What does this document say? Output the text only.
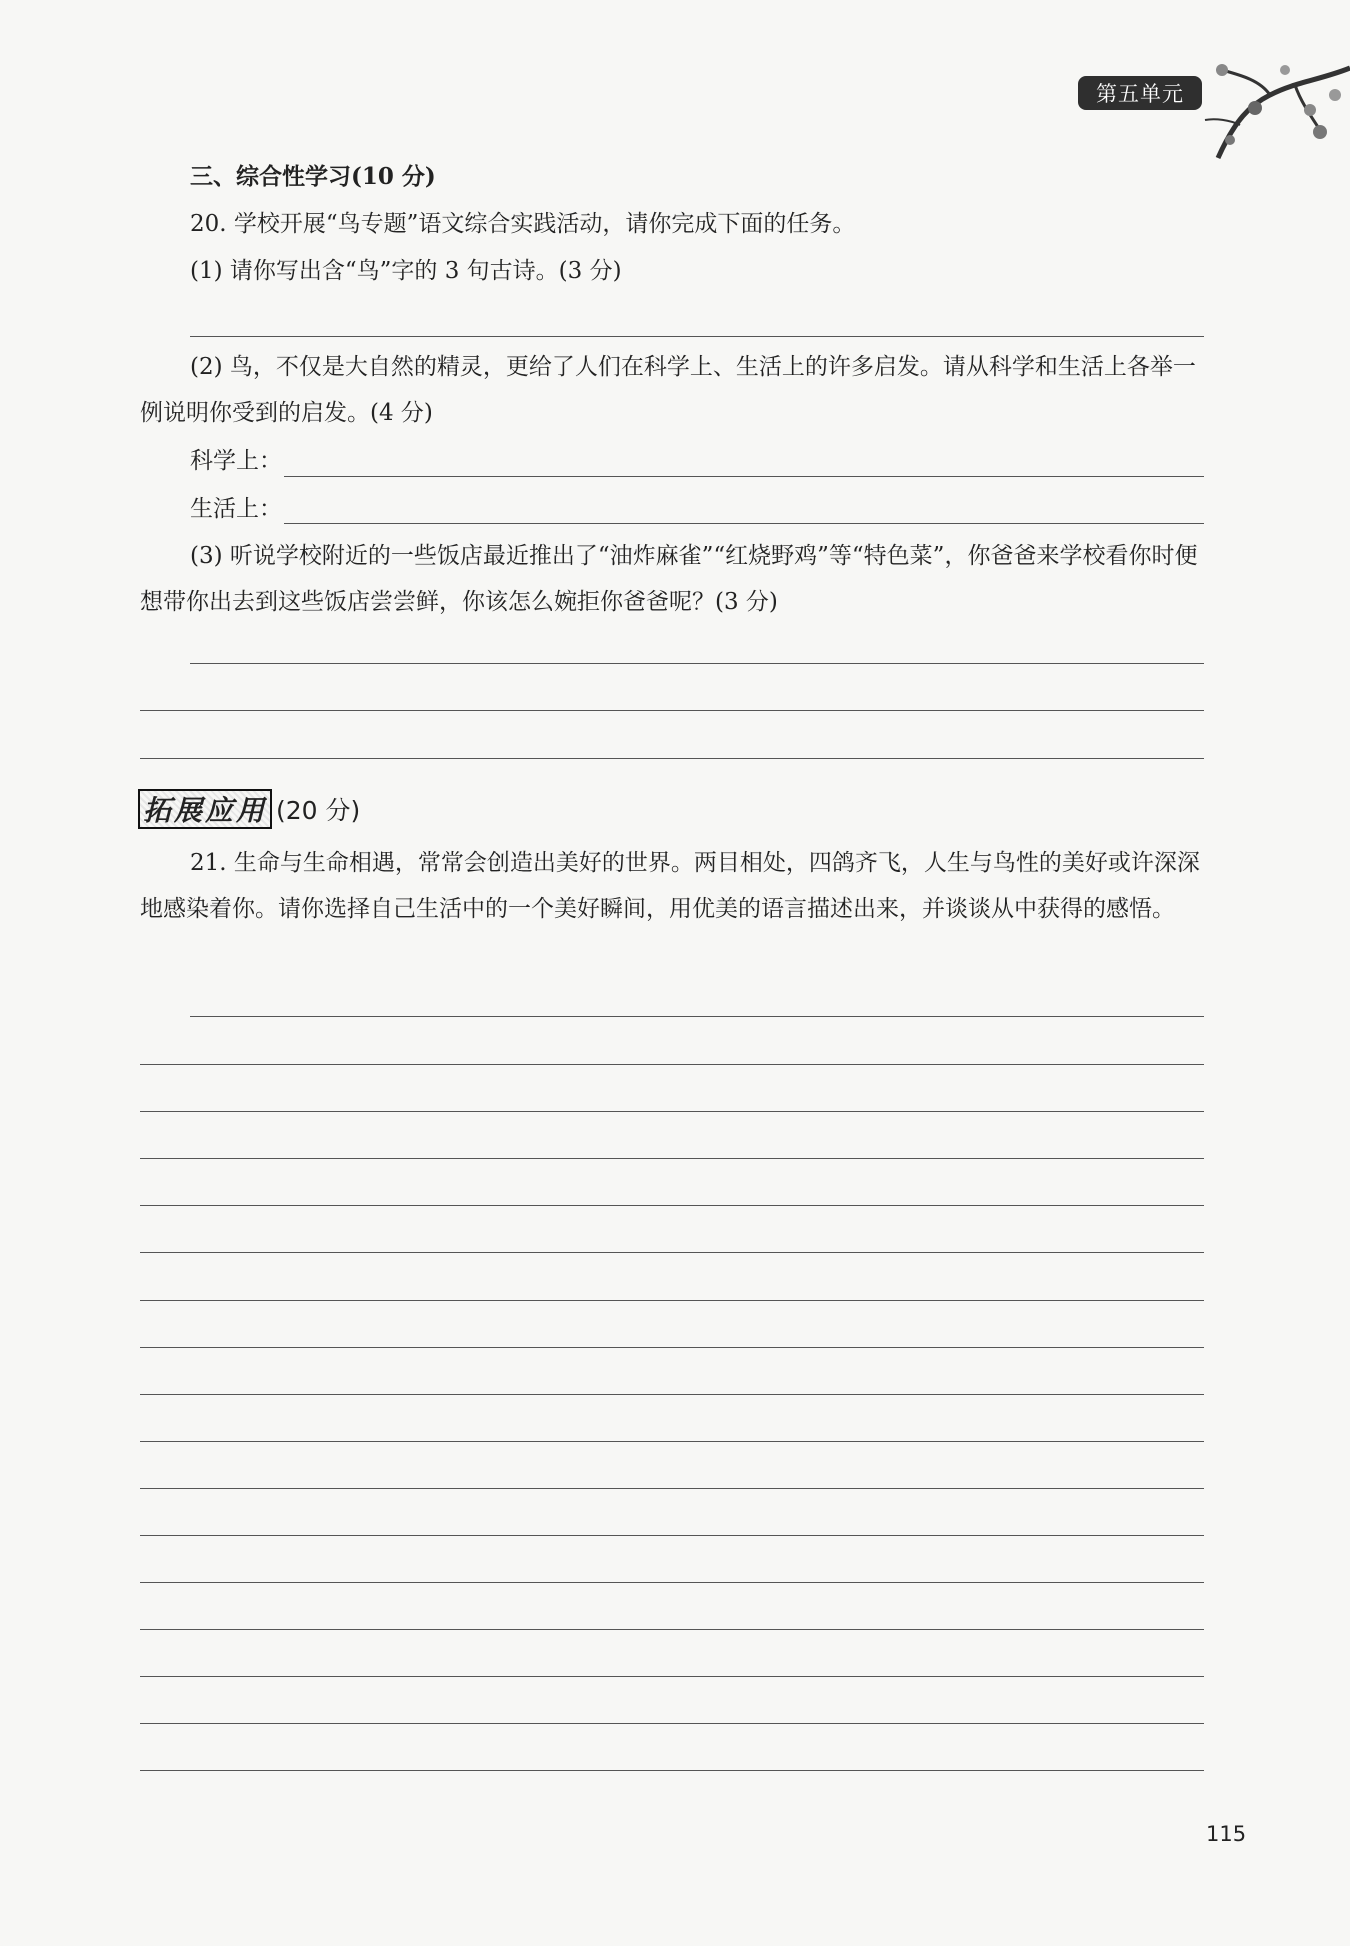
第五单元
三、综合性学习(10 分)
20. 学校开展“鸟专题”语文综合实践活动，请你完成下面的任务。
(1) 请你写出含“鸟”字的 3 句古诗。(3 分)
(2) 鸟，不仅是大自然的精灵，更给了人们在科学上、生活上的许多启发。请从科学和生活上各举一例说明你受到的启发。(4 分)
科学上：
生活上：
(3) 听说学校附近的一些饭店最近推出了“油炸麻雀”“红烧野鸡”等“特色菜”，你爸爸来学校看你时便想带你出去到这些饭店尝尝鲜，你该怎么婉拒你爸爸呢？(3 分)
拓展应用 (20 分)
21. 生命与生命相遇，常常会创造出美好的世界。两目相处，四鸽齐飞，人生与鸟性的美好或许深深地感染着你。请你选择自己生活中的一个美好瞬间，用优美的语言描述出来，并谈谈从中获得的感悟。
115
